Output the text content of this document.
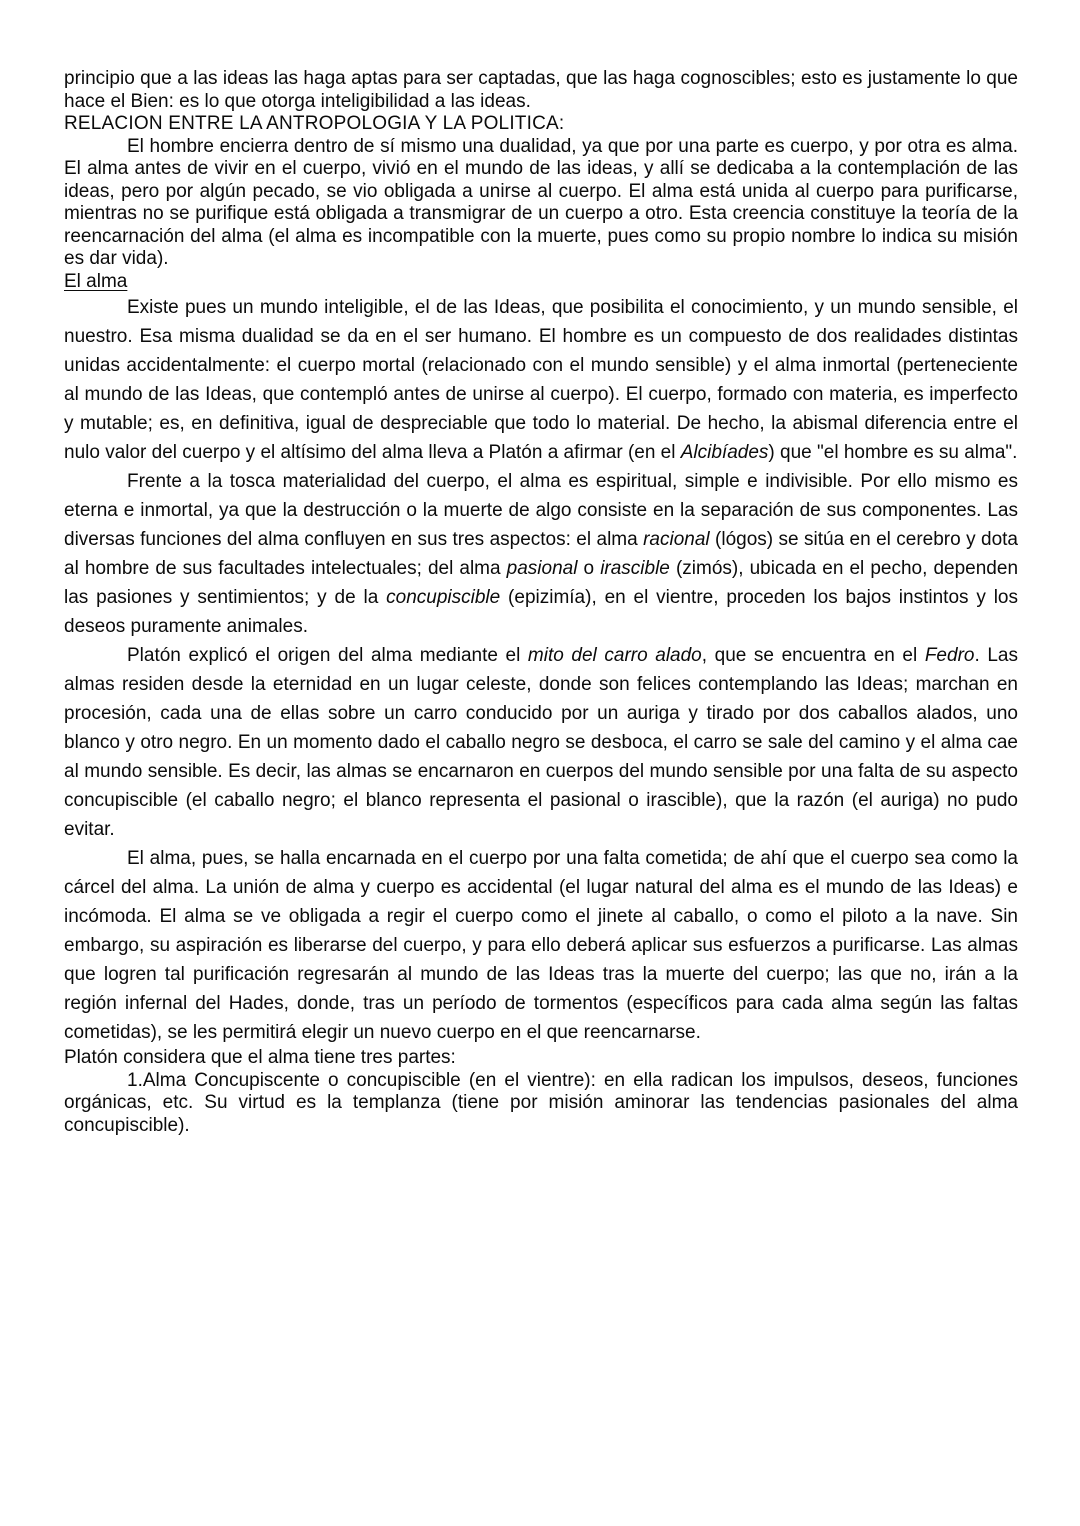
principio que a las ideas las haga aptas para ser captadas, que las haga cognoscibles; esto es justamente lo que hace el Bien: es lo que otorga inteligibilidad a las ideas.

RELACION ENTRE LA ANTROPOLOGIA Y LA POLITICA:

El hombre encierra dentro de sí mismo una dualidad, ya que por una parte es cuerpo, y por otra es alma. El alma antes de vivir en el cuerpo, vivió en el mundo de las ideas, y allí se dedicaba a la contemplación de las ideas, pero por algún pecado, se vio obligada a unirse al cuerpo. El alma está unida al cuerpo para purificarse, mientras no se purifique está obligada a transmigrar de un cuerpo a otro. Esta creencia constituye la teoría de la reencarnación del alma (el alma es incompatible con la muerte, pues como su propio nombre lo indica su misión es dar vida).

El alma

Existe pues un mundo inteligible, el de las Ideas, que posibilita el conocimiento, y un mundo sensible, el nuestro. Esa misma dualidad se da en el ser humano. El hombre es un compuesto de dos realidades distintas unidas accidentalmente: el cuerpo mortal (relacionado con el mundo sensible) y el alma inmortal (perteneciente al mundo de las Ideas, que contempló antes de unirse al cuerpo). El cuerpo, formado con materia, es imperfecto y mutable; es, en definitiva, igual de despreciable que todo lo material. De hecho, la abismal diferencia entre el nulo valor del cuerpo y el altísimo del alma lleva a Platón a afirmar (en el Alcibíades) que "el hombre es su alma".

Frente a la tosca materialidad del cuerpo, el alma es espiritual, simple e indivisible. Por ello mismo es eterna e inmortal, ya que la destrucción o la muerte de algo consiste en la separación de sus componentes. Las diversas funciones del alma confluyen en sus tres aspectos: el alma racional (lógos) se sitúa en el cerebro y dota al hombre de sus facultades intelectuales; del alma pasional o irascible (zimós), ubicada en el pecho, dependen las pasiones y sentimientos; y de la concupiscible (epizimía), en el vientre, proceden los bajos instintos y los deseos puramente animales.

Platón explicó el origen del alma mediante el mito del carro alado, que se encuentra en el Fedro. Las almas residen desde la eternidad en un lugar celeste, donde son felices contemplando las Ideas; marchan en procesión, cada una de ellas sobre un carro conducido por un auriga y tirado por dos caballos alados, uno blanco y otro negro. En un momento dado el caballo negro se desboca, el carro se sale del camino y el alma cae al mundo sensible. Es decir, las almas se encarnaron en cuerpos del mundo sensible por una falta de su aspecto concupiscible (el caballo negro; el blanco representa el pasional o irascible), que la razón (el auriga) no pudo evitar.

El alma, pues, se halla encarnada en el cuerpo por una falta cometida; de ahí que el cuerpo sea como la cárcel del alma. La unión de alma y cuerpo es accidental (el lugar natural del alma es el mundo de las Ideas) e incómoda. El alma se ve obligada a regir el cuerpo como el jinete al caballo, o como el piloto a la nave. Sin embargo, su aspiración es liberarse del cuerpo, y para ello deberá aplicar sus esfuerzos a purificarse. Las almas que logren tal purificación regresarán al mundo de las Ideas tras la muerte del cuerpo; las que no, irán a la región infernal del Hades, donde, tras un período de tormentos (específicos para cada alma según las faltas cometidas), se les permitirá elegir un nuevo cuerpo en el que reencarnarse.

Platón considera que el alma tiene tres partes:

1.Alma Concupiscente o concupiscible (en el vientre): en ella radican los impulsos, deseos, funciones orgánicas, etc. Su virtud es la templanza (tiene por misión aminorar las tendencias pasionales del alma concupiscible).
